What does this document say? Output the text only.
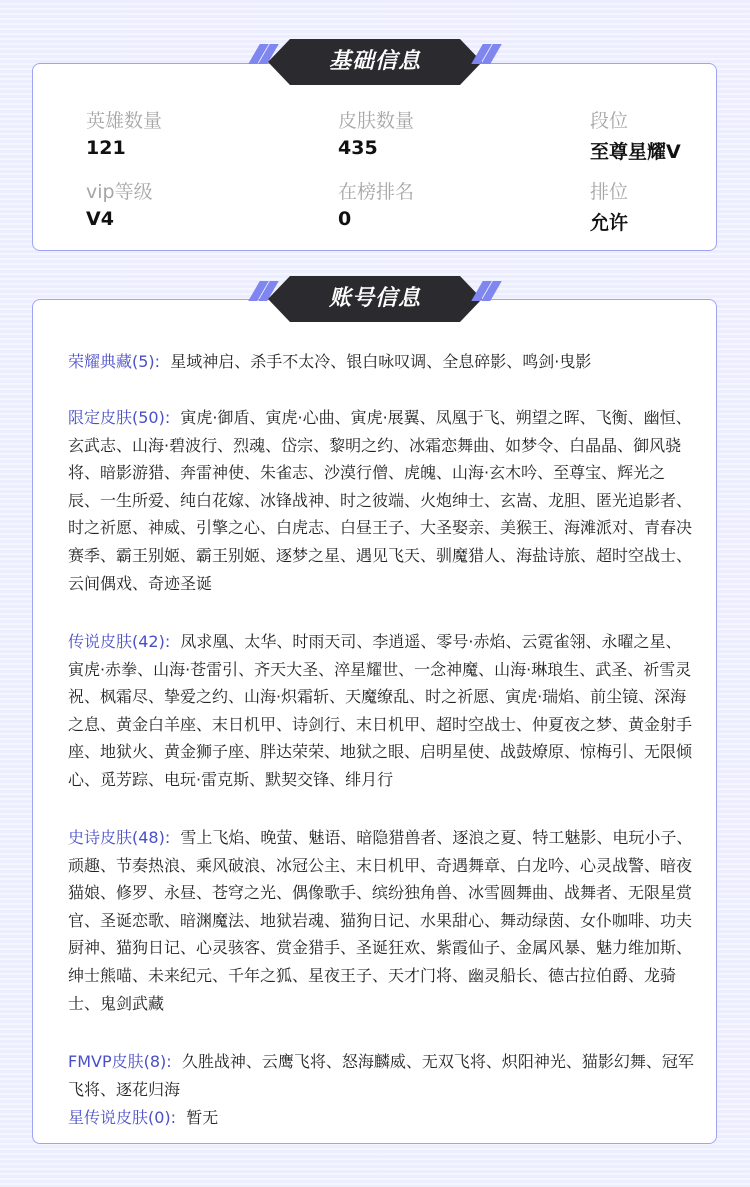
基础信息
英雄数量
121
皮肤数量
435
段位
至尊星耀V
vip等级
V4
在榜排名
0
排位
允许
账号信息
荣耀典藏(5): 星域神启、杀手不太冷、银白咏叹调、全息碎影、鸣剑·曳影
限定皮肤(50): 寅虎·御盾、寅虎·心曲、寅虎·展翼、凤凰于飞、朔望之晖、飞衡、幽恒、玄武志、山海·碧波行、烈魂、岱宗、黎明之约、冰霜恋舞曲、如梦令、白晶晶、御风骁将、暗影游猎、奔雷神使、朱雀志、沙漠行僧、虎魄、山海·玄木吟、至尊宝、辉光之辰、一生所爱、纯白花嫁、冰锋战神、时之彼端、火炮绅士、玄嵩、龙胆、匿光追影者、时之祈愿、神威、引擎之心、白虎志、白昼王子、大圣娶亲、美猴王、海滩派对、青春决赛季、霸王别姬、霸王别姬、逐梦之星、遇见飞天、驯魔猎人、海盐诗旅、超时空战士、云间偶戏、奇迹圣诞
传说皮肤(42): 凤求凰、太华、时雨天司、李逍遥、零号·赤焰、云霓雀翎、永曜之星、寅虎·赤拳、山海·苍雷引、齐天大圣、淬星耀世、一念神魔、山海·琳琅生、武圣、祈雪灵祝、枫霜尽、挚爱之约、山海·炽霜斩、天魔缭乱、时之祈愿、寅虎·瑞焰、前尘镜、深海之息、黄金白羊座、末日机甲、诗剑行、末日机甲、超时空战士、仲夏夜之梦、黄金射手座、地狱火、黄金狮子座、胖达荣荣、地狱之眼、启明星使、战鼓燎原、惊梅引、无限倾心、觅芳踪、电玩·雷克斯、默契交锋、绯月行
史诗皮肤(48): 雪上飞焰、晚萤、魅语、暗隐猎兽者、逐浪之夏、特工魅影、电玩小子、顽趣、节奏热浪、乘风破浪、冰冠公主、末日机甲、奇遇舞章、白龙吟、心灵战警、暗夜猫娘、修罗、永昼、苍穹之光、偶像歌手、缤纷独角兽、冰雪圆舞曲、战舞者、无限星赏官、圣诞恋歌、暗渊魔法、地狱岩魂、猫狗日记、水果甜心、舞动绿茵、女仆咖啡、功夫厨神、猫狗日记、心灵骇客、赏金猎手、圣诞狂欢、紫霞仙子、金属风暴、魅力维加斯、绅士熊喵、未来纪元、千年之狐、星夜王子、天才门将、幽灵船长、德古拉伯爵、龙骑士、鬼剑武藏
FMVP皮肤(8): 久胜战神、云鹰飞将、怒海麟威、无双飞将、炽阳神光、猫影幻舞、冠军飞将、逐花归海
星传说皮肤(0): 暂无
